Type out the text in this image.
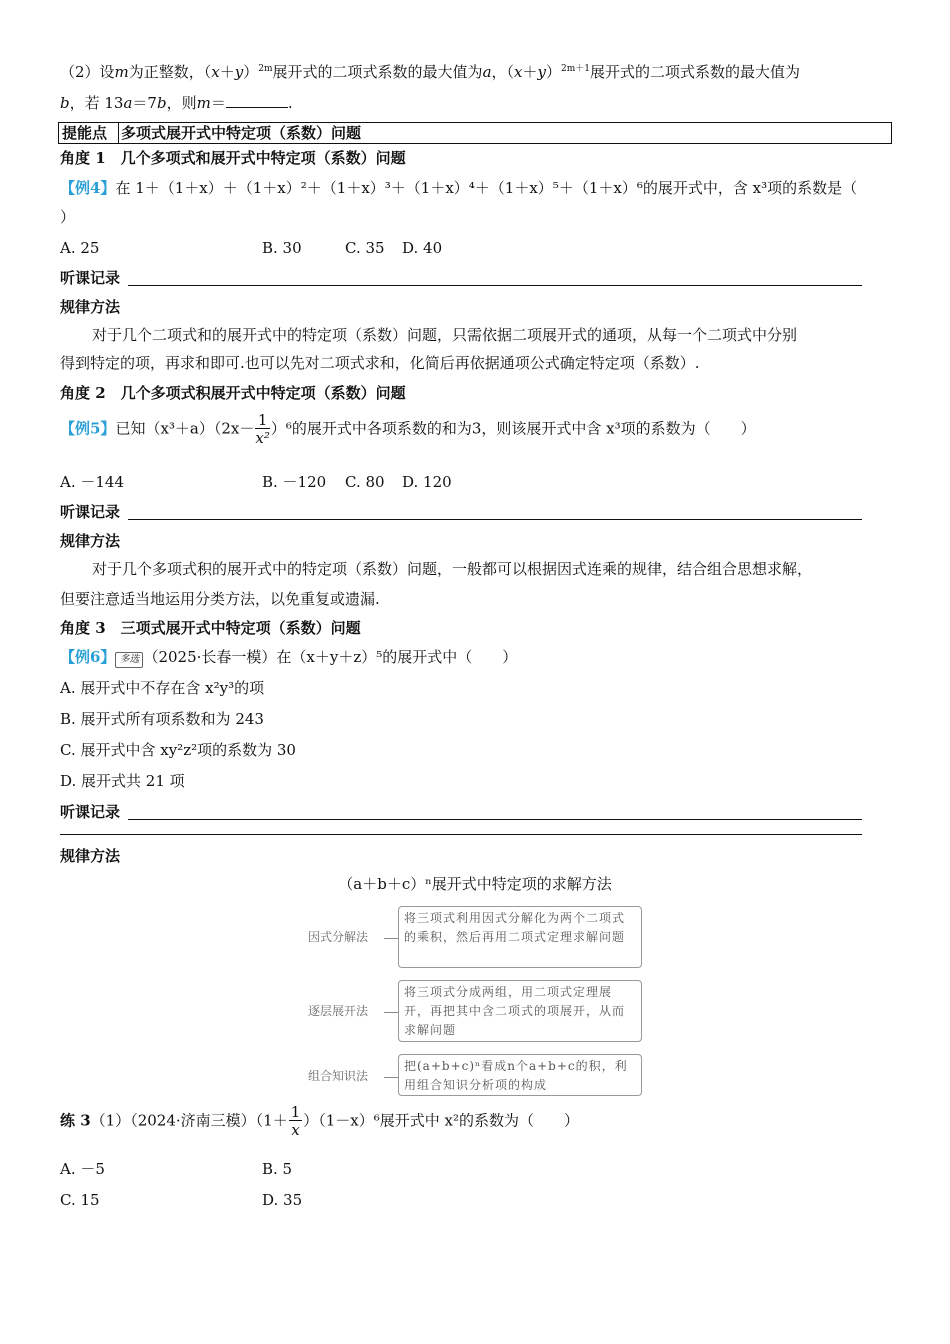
（2）设m为正整数，$(x+y)^{2m}$展开式的二项式系数的最大值为a，$(x+y)^{2m+1}$展开式的二项式系数的最大值为
b，若 13a＝7b，则m＝	.
提能点 多项式展开式中特定项（系数）问题
角度 1　几个多项式和展开式中特定项（系数）问题
【例4】在 1＋（1＋x）＋（1＋x）²＋（1＋x）³＋（1＋x）⁴＋（1＋x）⁵＋（1＋x）⁶的展开式中，含 x³项的系数是（
）
A. 25	B. 30	C. 35 D. 40
听课记录
规律方法
对于几个二项式和的展开式中的特定项（系数）问题，只需依据二项展开式的通项，从每一个二项式中分别
得到特定的项，再求和即可.也可以先对二项式求和，化简后再依据通项公式确定特定项（系数）.
角度 2　几个多项式积展开式中特定项（系数）问题
【例5】已知$(x^3+a)(2x- \frac{1}{\text{x²}} )^6$的展开式中各项系数的和为3，则该展开式中含 x³项的系数为（　　）
A. －144	B. －120 C. 80 D. 120
听课记录
规律方法
对于几个多项式积的展开式中的特定项（系数）问题，一般都可以根据因式连乘的规律，结合组合思想求解，
但要注意适当地运用分类方法，以免重复或遗漏.
角度 3　三项式展开式中特定项（系数）问题
【例6】 多选 （2025·长春一模）在（x＋y＋z）⁵的展开式中（　　）
A. 展开式中不存在含 x²y³的项
B. 展开式所有项系数和为 243
C. 展开式中含 xy²z²项的系数为 30
D. 展开式共 21 项
听课记录
规律方法
（a＋b＋c）ⁿ展开式中特定项的求解方法
因式分解法
将三项式利用因式分解化为两个二项式的乘积，然后再用二项式定理求解问题
逐层展开法
将三项式分成两组，用二项式定理展开，再把其中含二项式的项展开，从而求解问题
组合知识法
把(a+b+c)ⁿ看成n个a+b+c的积，利用组合知识分析项的构成
练 3（1）（2024·济南三模）$(1+ \frac{1}{x} )(1-x)^6$展开式中 x²的系数为（　　）
A. －5	B. 5
C. 15	D. 35
